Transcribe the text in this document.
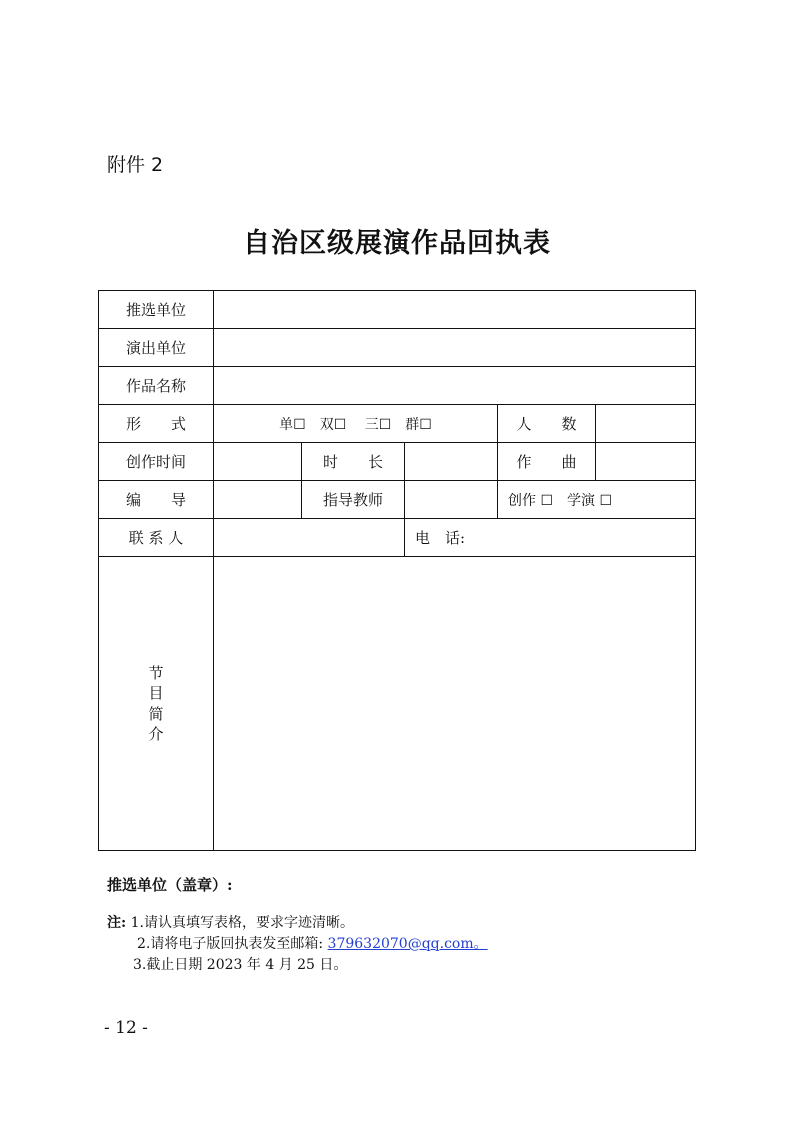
附件 2
自治区级展演作品回执表
推选单位					
演出单位					
作品名称					
形　　式	单☐　双☐　 三☐　群☐			人　　数	
创作时间		时　　长		作　　曲	
编　　导		指导教师		创作 ☐　学演 ☐	
联 系 人			电　话:		
节目简介					
推选单位（盖章）:
注: 1.请认真填写表格，要求字迹清晰。
2.请将电子版回执表发至邮箱: 379632070@qq.com。
3.截止日期 2023 年 4 月 25 日。
- 12 -
